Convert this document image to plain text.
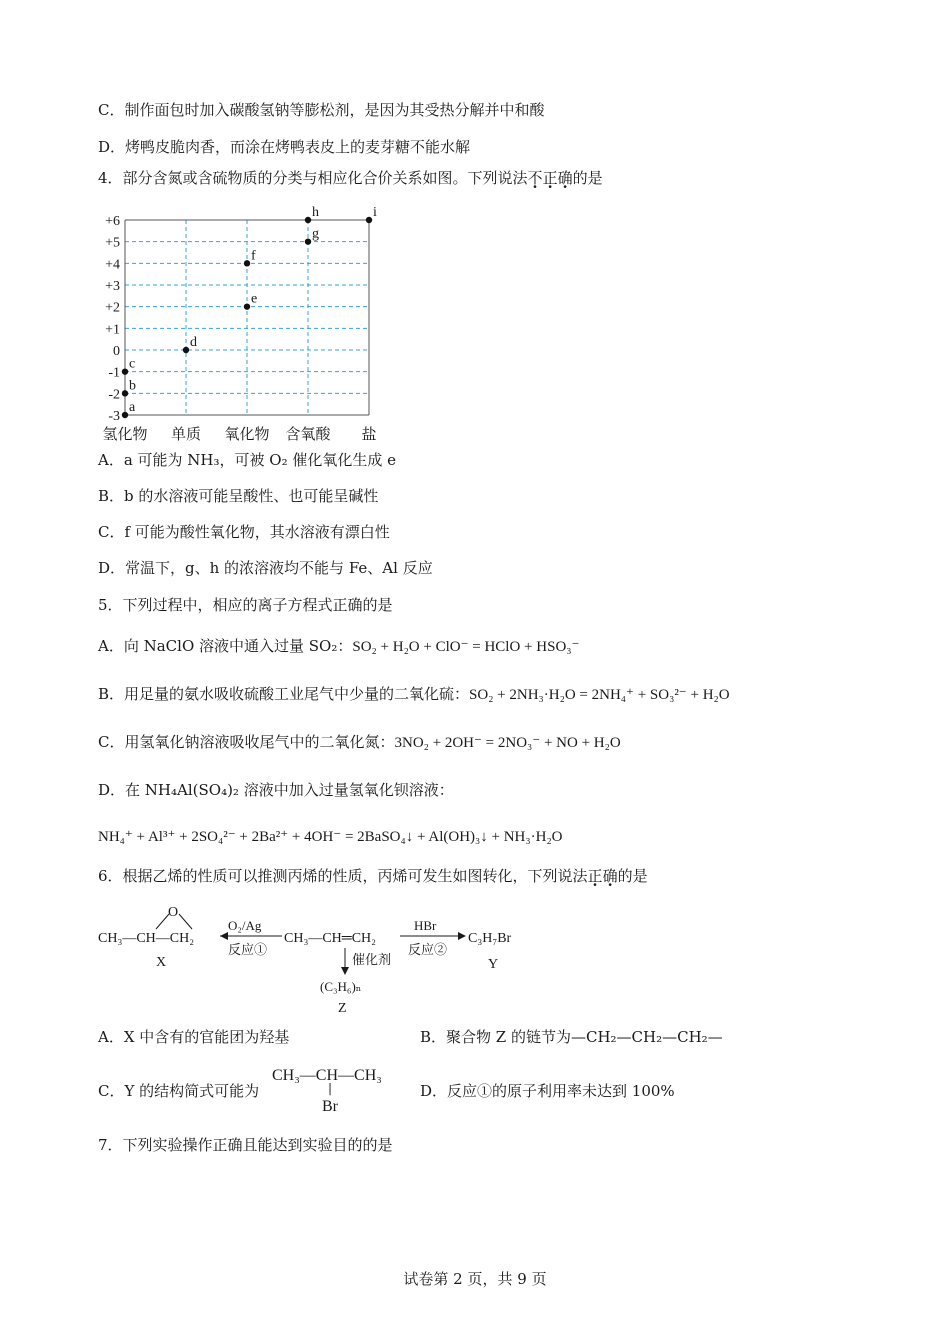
C．制作面包时加入碳酸氢钠等膨松剂，是因为其受热分解并中和酸
D．烤鸭皮脆肉香，而涂在烤鸭表皮上的麦芽糖不能水解
4．部分含氮或含硫物质的分类与相应化合价关系如图。下列说法不正确的是
+6
+5
+4
+3
+2
+1
0
-1
-2
-3
氢化物 单质 氧化物 含氧酸 盐
a
b
c
d
e
f
g
h	i
A．a 可能为 NH₃，可被 O₂ 催化氧化生成 e
B．b 的水溶液可能呈酸性、也可能呈碱性
C．f 可能为酸性氧化物，其水溶液有漂白性
D．常温下，g、h 的浓溶液均不能与 Fe、Al 反应
5．下列过程中，相应的离子方程式正确的是
A．向 NaClO 溶液中通入过量 SO₂：SO₂ + H₂O + ClO⁻ = HClO + HSO₃⁻
B．用足量的氨水吸收硫酸工业尾气中少量的二氧化硫：SO₂ + 2NH₃·H₂O = 2NH₄⁺ + SO₃²⁻ + H₂O
C．用氢氧化钠溶液吸收尾气中的二氧化氮：3NO₂ + 2OH⁻ = 2NO₃⁻ + NO + H₂O
D．在 NH₄Al(SO₄)₂ 溶液中加入过量氢氧化钡溶液：
NH₄⁺ + Al³⁺ + 2SO₄²⁻ + 2Ba²⁺ + 4OH⁻ = 2BaSO₄↓ + Al(OH)₃↓ + NH₃·H₂O
6．根据乙烯的性质可以推测丙烯的性质，丙烯可发生如图转化，下列说法正确的是
CH₃—CH—CH₂
O
X
O₂/Ag
反应①
CH₃—CH═CH₂
HBr
反应②
C₃H₇Br
Y
催化剂
(C₃H₆)ₙ
Z
A．X 中含有的官能团为羟基	B．聚合物 Z 的链节为—CH₂—CH₂—CH₂—
C．Y 的结构简式可能为
CH₃—CH—CH₃
|
Br
D．反应①的原子利用率未达到 100%
7．下列实验操作正确且能达到实验目的的是
试卷第 2 页，共 9 页
